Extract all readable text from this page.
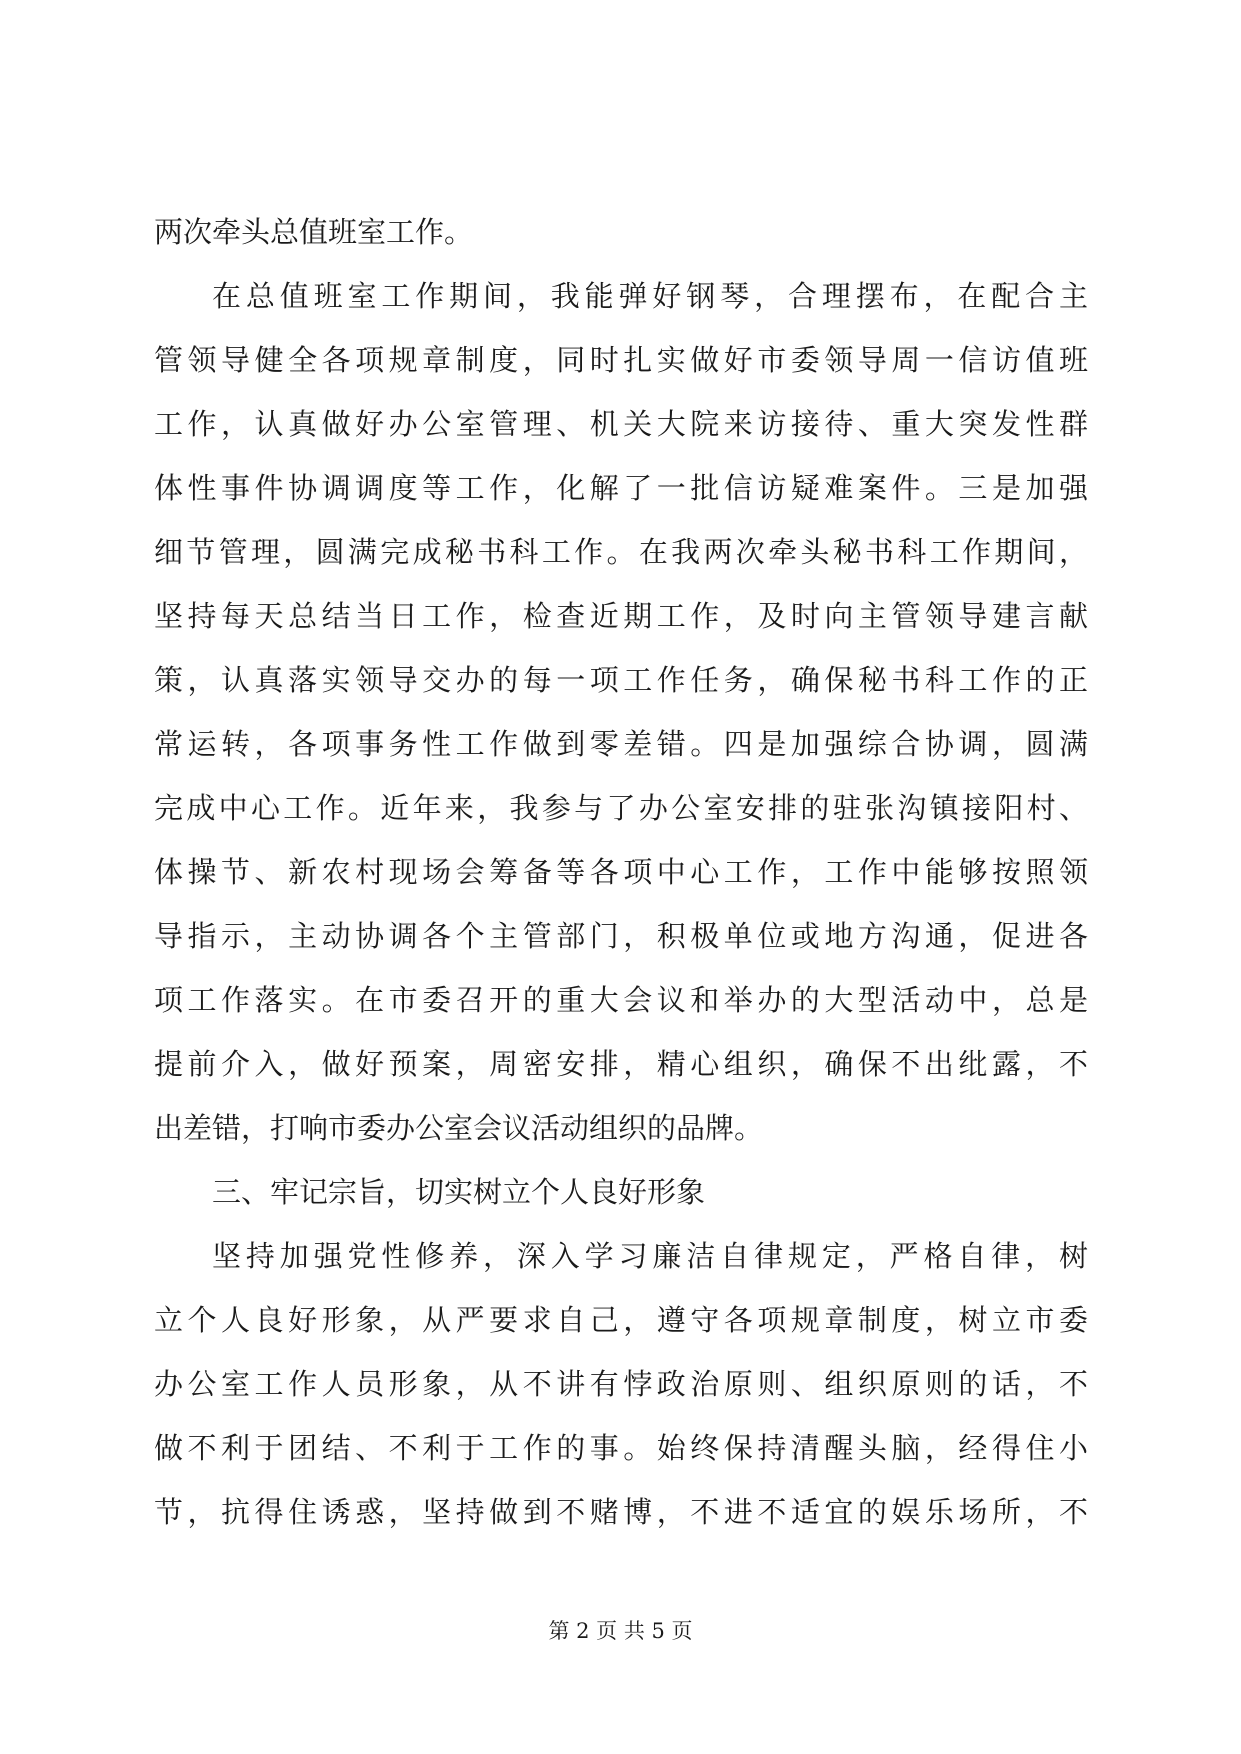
两次牵头总值班室工作。
在总值班室工作期间，我能弹好钢琴，合理摆布，在配合主
管领导健全各项规章制度，同时扎实做好市委领导周一信访值班
工作，认真做好办公室管理、机关大院来访接待、重大突发性群
体性事件协调调度等工作，化解了一批信访疑难案件。三是加强
细节管理，圆满完成秘书科工作。在我两次牵头秘书科工作期间，
坚持每天总结当日工作，检查近期工作，及时向主管领导建言献
策，认真落实领导交办的每一项工作任务，确保秘书科工作的正
常运转，各项事务性工作做到零差错。四是加强综合协调，圆满
完成中心工作。近年来，我参与了办公室安排的驻张沟镇接阳村、
体操节、新农村现场会筹备等各项中心工作，工作中能够按照领
导指示，主动协调各个主管部门，积极单位或地方沟通，促进各
项工作落实。在市委召开的重大会议和举办的大型活动中，总是
提前介入，做好预案，周密安排，精心组织，确保不出纰露，不
出差错，打响市委办公室会议活动组织的品牌。
三、牢记宗旨，切实树立个人良好形象
坚持加强党性修养，深入学习廉洁自律规定，严格自律，树
立个人良好形象，从严要求自己，遵守各项规章制度，树立市委
办公室工作人员形象，从不讲有悖政治原则、组织原则的话，不
做不利于团结、不利于工作的事。始终保持清醒头脑，经得住小
节，抗得住诱惑，坚持做到不赌博，不进不适宜的娱乐场所，不
第 2 页 共 5 页
